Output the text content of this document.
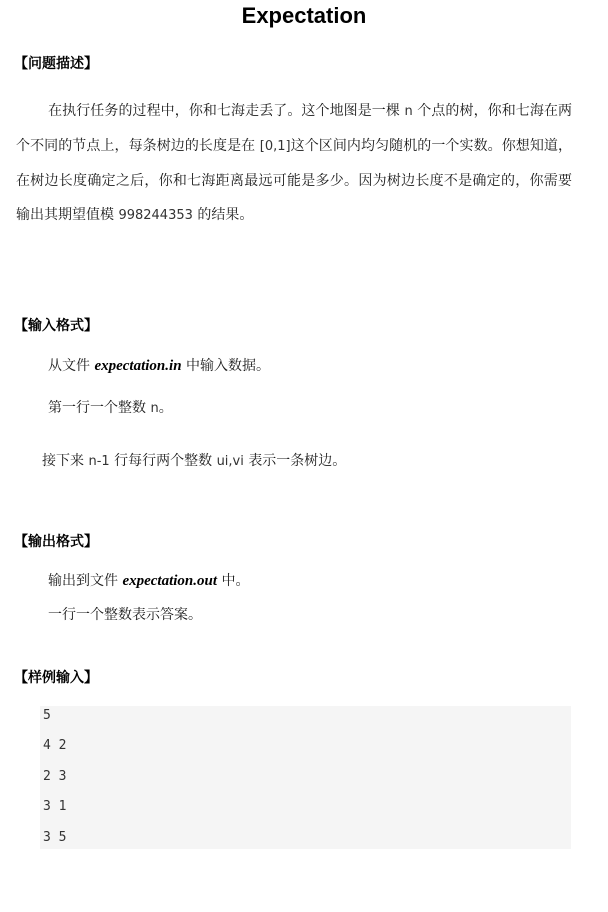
Expectation
【问题描述】
在执行任务的过程中，你和七海走丢了。这个地图是一棵 n 个点的树，你和七海在两个不同的节点上，每条树边的长度是在 [0,1]这个区间内均匀随机的一个实数。你想知道，在树边长度确定之后，你和七海距离最远可能是多少。因为树边长度不是确定的，你需要输出其期望值模 998244353 的结果。
【输入格式】
从文件 expectation.in 中输入数据。
第一行一个整数 n。
接下来 n-1 行每行两个整数 ui,vi 表示一条树边。
【输出格式】
输出到文件 expectation.out 中。
一行一个整数表示答案。
【样例输入】
5
4 2
2 3
3 1
3 5
